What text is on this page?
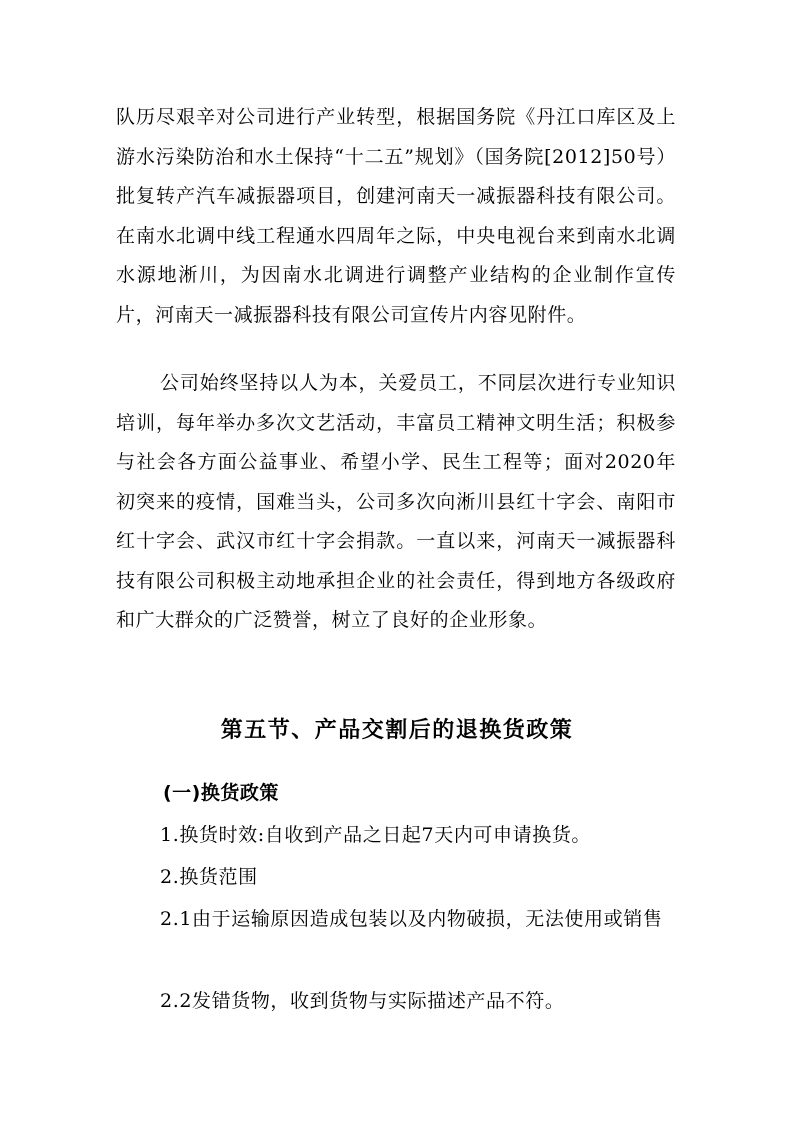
队历尽艰辛对公司进行产业转型，根据国务院《丹江口库区及上游水污染防治和水土保持“十二五”规划》（国务院[2012]50号）批复转产汽车减振器项目，创建河南天一减振器科技有限公司。在南水北调中线工程通水四周年之际，中央电视台来到南水北调水源地淅川，为因南水北调进行调整产业结构的企业制作宣传片，河南天一减振器科技有限公司宣传片内容见附件。

公司始终坚持以人为本，关爱员工，不同层次进行专业知识培训，每年举办多次文艺活动，丰富员工精神文明生活；积极参与社会各方面公益事业、希望小学、民生工程等；面对2020年初突来的疫情，国难当头，公司多次向淅川县红十字会、南阳市红十字会、武汉市红十字会捐款。一直以来，河南天一减振器科技有限公司积极主动地承担企业的社会责任，得到地方各级政府和广大群众的广泛赞誉，树立了良好的企业形象。

第五节、产品交割后的退换货政策
(一)换货政策

1.换货时效:自收到产品之日起7天内可申请换货。

2.换货范围

2.1由于运输原因造成包装以及内物破损，无法使用或销售

2.2发错货物，收到货物与实际描述产品不符。
